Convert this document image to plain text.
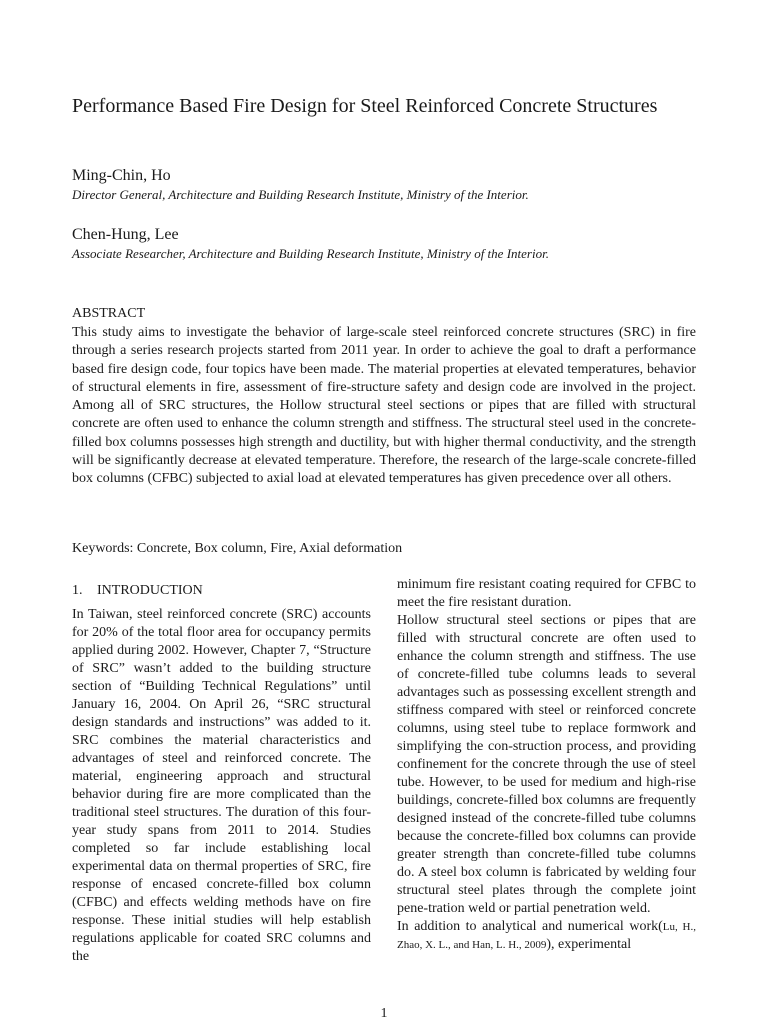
Performance Based Fire Design for Steel Reinforced Concrete Structures

Ming-Chin, Ho

Director General, Architecture and Building Research Institute, Ministry of the Interior.

Chen-Hung, Lee

Associate Researcher, Architecture and Building Research Institute, Ministry of the Interior.

ABSTRACT

This study aims to investigate the behavior of large-scale steel reinforced concrete structures (SRC) in fire through a series research projects started from 2011 year. In order to achieve the goal to draft a performance based fire design code, four topics have been made. The material properties at elevated temperatures, behavior of structural elements in fire, assessment of fire-structure safety and design code are involved in the project. Among all of SRC structures, the Hollow structural steel sections or pipes that are filled with structural concrete are often used to enhance the column strength and stiffness. The structural steel used in the concrete-filled box columns possesses high strength and ductility, but with higher thermal conductivity, and the strength will be significantly decrease at elevated temperature. Therefore, the research of the large-scale concrete-filled box columns (CFBC) subjected to axial load at elevated temperatures has given precedence over all others.

Keywords: Concrete, Box column, Fire, Axial deformation

1. INTRODUCTION

In Taiwan, steel reinforced concrete (SRC) accounts for 20% of the total floor area for occupancy permits applied during 2002. However, Chapter 7, “Structure of SRC” wasn’t added to the building structure section of “Building Technical Regulations” until January 16, 2004. On April 26, “SRC structural design standards and instructions” was added to it. SRC combines the material characteristics and advantages of steel and reinforced concrete. The material, engineering approach and structural behavior during fire are more complicated than the traditional steel structures. The duration of this four-year study spans from 2011 to 2014. Studies completed so far include establishing local experimental data on thermal properties of SRC, fire response of encased concrete-filled box column (CFBC) and effects welding methods have on fire response. These initial studies will help establish regulations applicable for coated SRC columns and the

minimum fire resistant coating required for CFBC to meet the fire resistant duration.

Hollow structural steel sections or pipes that are filled with structural concrete are often used to enhance the column strength and stiffness. The use of concrete-filled tube columns leads to several advantages such as possessing excellent strength and stiffness compared with steel or reinforced concrete columns, using steel tube to replace formwork and simplifying the con-struction process, and providing confinement for the concrete through the use of steel tube. However, to be used for medium and high-rise buildings, concrete-filled box columns are frequently designed instead of the concrete-filled tube columns because the concrete-filled box columns can provide greater strength than concrete-filled tube columns do. A steel box column is fabricated by welding four structural steel plates through the complete joint pene-tration weld or partial penetration weld.

In addition to analytical and numerical work(Lu, H., Zhao, X. L., and Han, L. H., 2009), experimental

1
